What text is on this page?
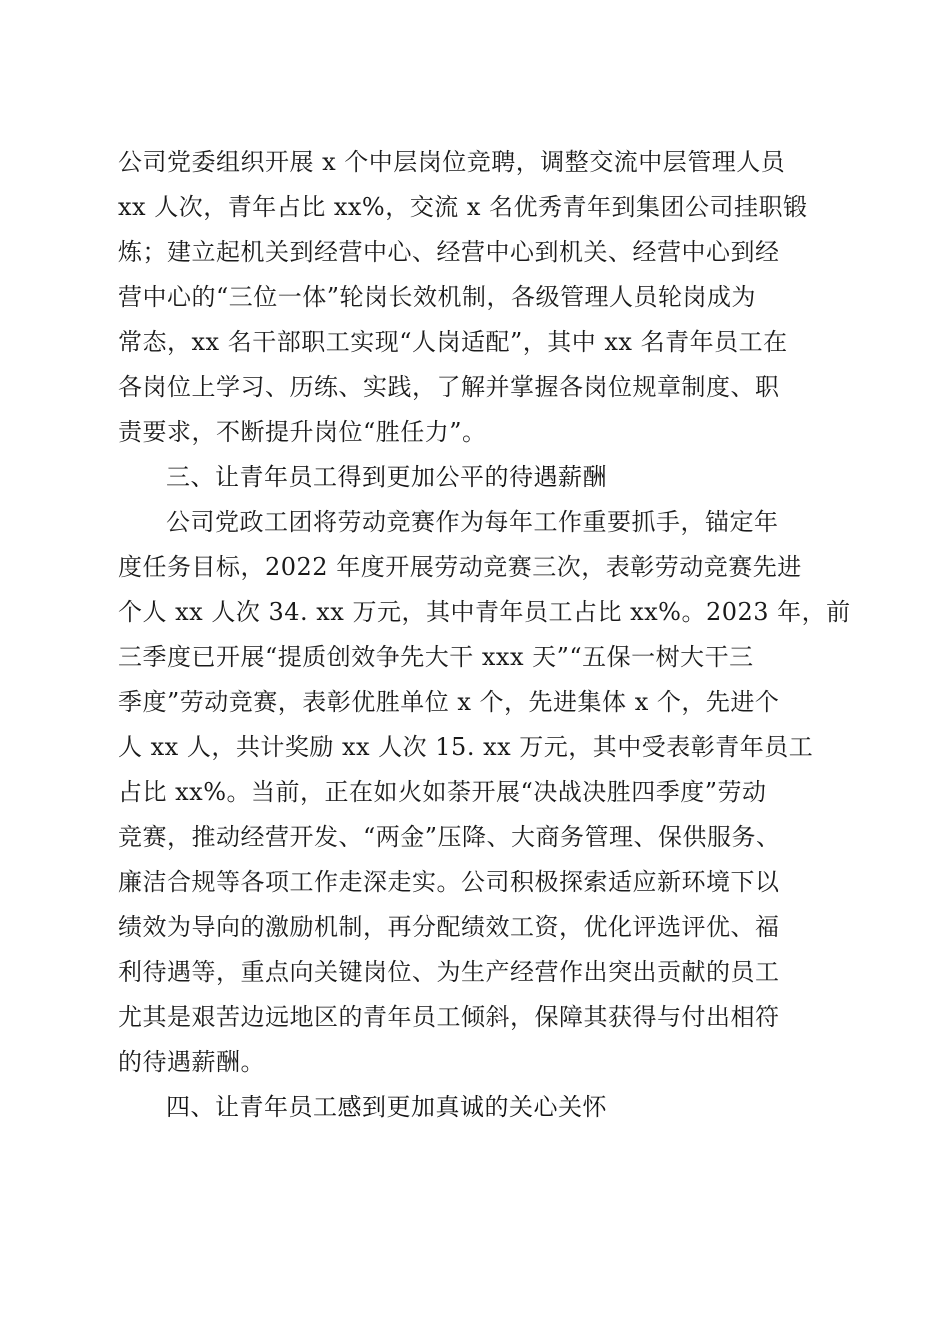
公司党委组织开展 x 个中层岗位竞聘，调整交流中层管理人员
xx 人次，青年占比 xx%，交流 x 名优秀青年到集团公司挂职锻
炼；建立起机关到经营中心、经营中心到机关、经营中心到经
营中心的“三位一体”轮岗长效机制，各级管理人员轮岗成为
常态，xx 名干部职工实现“人岗适配”，其中 xx 名青年员工在
各岗位上学习、历练、实践，了解并掌握各岗位规章制度、职
责要求，不断提升岗位“胜任力”。
三、让青年员工得到更加公平的待遇薪酬
公司党政工团将劳动竞赛作为每年工作重要抓手，锚定年
度任务目标，2022 年度开展劳动竞赛三次，表彰劳动竞赛先进
个人 xx 人次 34. xx 万元，其中青年员工占比 xx%。2023 年，前
三季度已开展“提质创效争先大干 xxx 天”“五保一树大干三
季度”劳动竞赛，表彰优胜单位 x 个，先进集体 x 个，先进个
人 xx 人，共计奖励 xx 人次 15. xx 万元，其中受表彰青年员工
占比 xx%。当前，正在如火如荼开展“决战决胜四季度”劳动
竞赛，推动经营开发、“两金”压降、大商务管理、保供服务、
廉洁合规等各项工作走深走实。公司积极探索适应新环境下以
绩效为导向的激励机制，再分配绩效工资，优化评选评优、福
利待遇等，重点向关键岗位、为生产经营作出突出贡献的员工
尤其是艰苦边远地区的青年员工倾斜，保障其获得与付出相符
的待遇薪酬。
四、让青年员工感到更加真诚的关心关怀
